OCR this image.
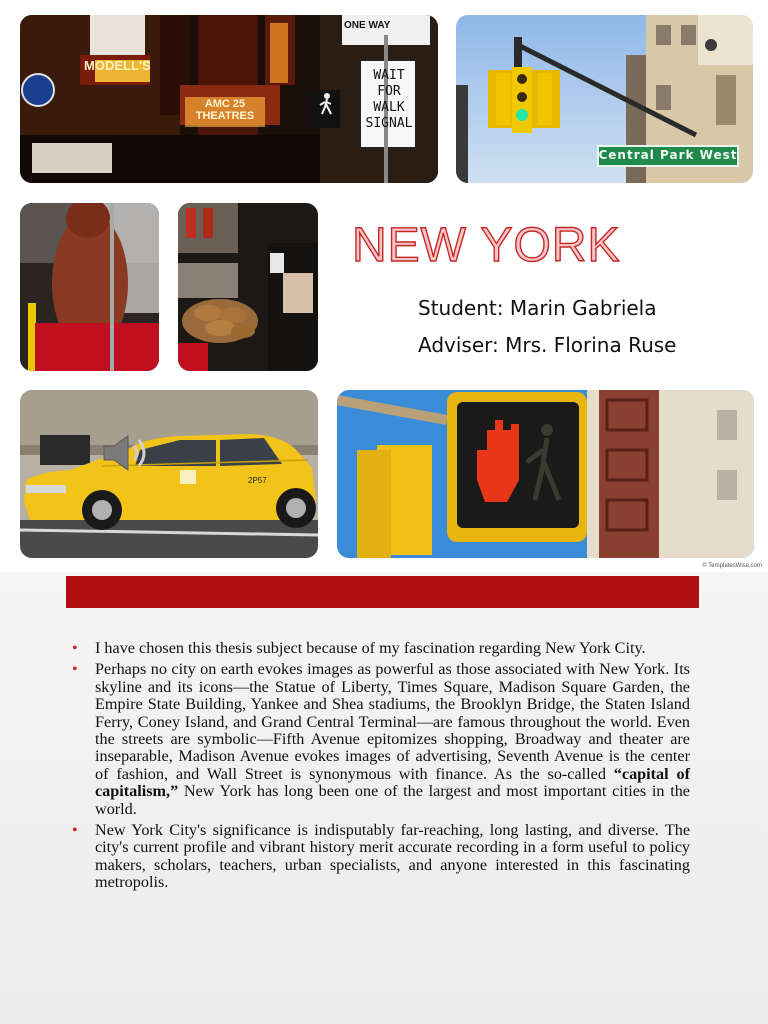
MODELL'S
AMC 25 THEATRES
ONE WAY
WAIT FOR WALK SIGNAL
Central Park West
NEW YORK
Student: Marin Gabriela
Adviser: Mrs. Florina Ruse
2P57
© TemplatesWise.com
• I have chosen this thesis subject because of my fascination regarding New York City.
• Perhaps no city on earth evokes images as powerful as those associated with New York. Its skyline and its icons—the Statue of Liberty, Times Square, Madison Square Garden, the Empire State Building, Yankee and Shea stadiums, the Brooklyn Bridge, the Staten Island Ferry, Coney Island, and Grand Central Terminal—are famous throughout the world. Even the streets are symbolic—Fifth Avenue epitomizes shopping, Broadway and theater are inseparable, Madison Avenue evokes images of advertising, Seventh Avenue is the center of fashion, and Wall Street is synonymous with finance. As the so-called “capital of capitalism,” New York has long been one of the largest and most important cities in the world.
• New York City's significance is indisputably far-reaching, long lasting, and diverse. The city's current profile and vibrant history merit accurate recording in a form useful to policy makers, scholars, teachers, urban specialists, and anyone interested in this fascinating metropolis.
